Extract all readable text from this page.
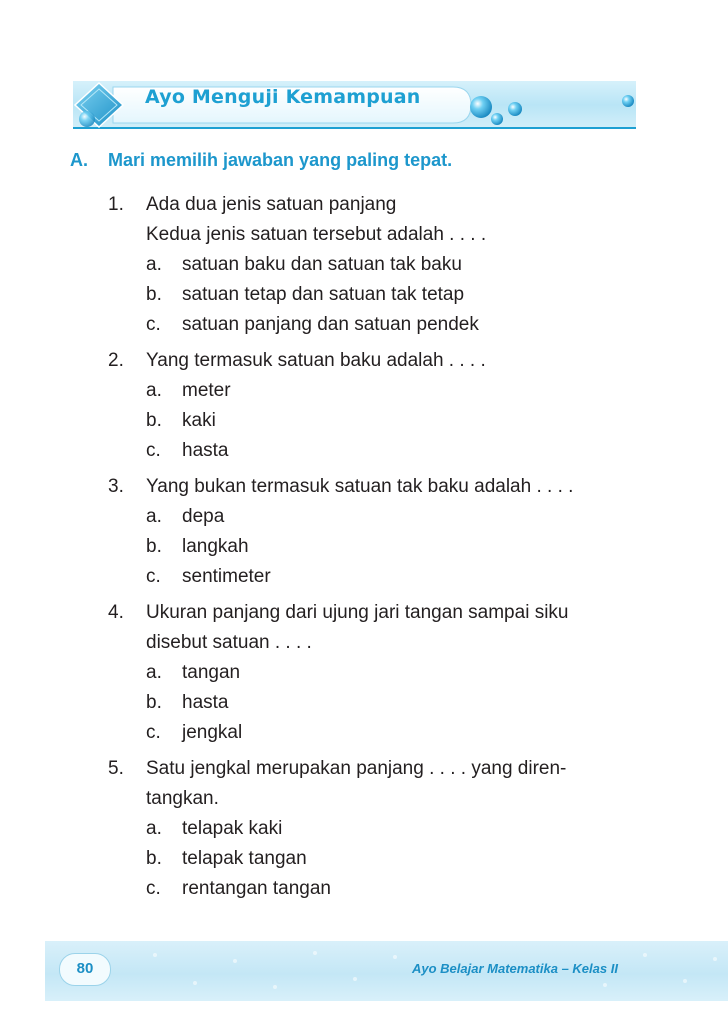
Ayo Menguji Kemampuan
A. Mari memilih jawaban yang paling tepat.
1. Ada dua jenis satuan panjang
Kedua jenis satuan tersebut adalah . . . .
a. satuan baku dan satuan tak baku
b. satuan tetap dan satuan tak tetap
c. satuan panjang dan satuan pendek
2. Yang termasuk satuan baku adalah . . . .
a. meter
b. kaki
c. hasta
3. Yang bukan termasuk satuan tak baku adalah . . . .
a. depa
b. langkah
c. sentimeter
4. Ukuran panjang dari ujung jari tangan sampai siku
disebut satuan . . . .
a. tangan
b. hasta
c. jengkal
5. Satu jengkal merupakan panjang . . . . yang diren-
tangkan.
a. telapak kaki
b. telapak tangan
c. rentangan tangan
80	Ayo Belajar Matematika – Kelas II
